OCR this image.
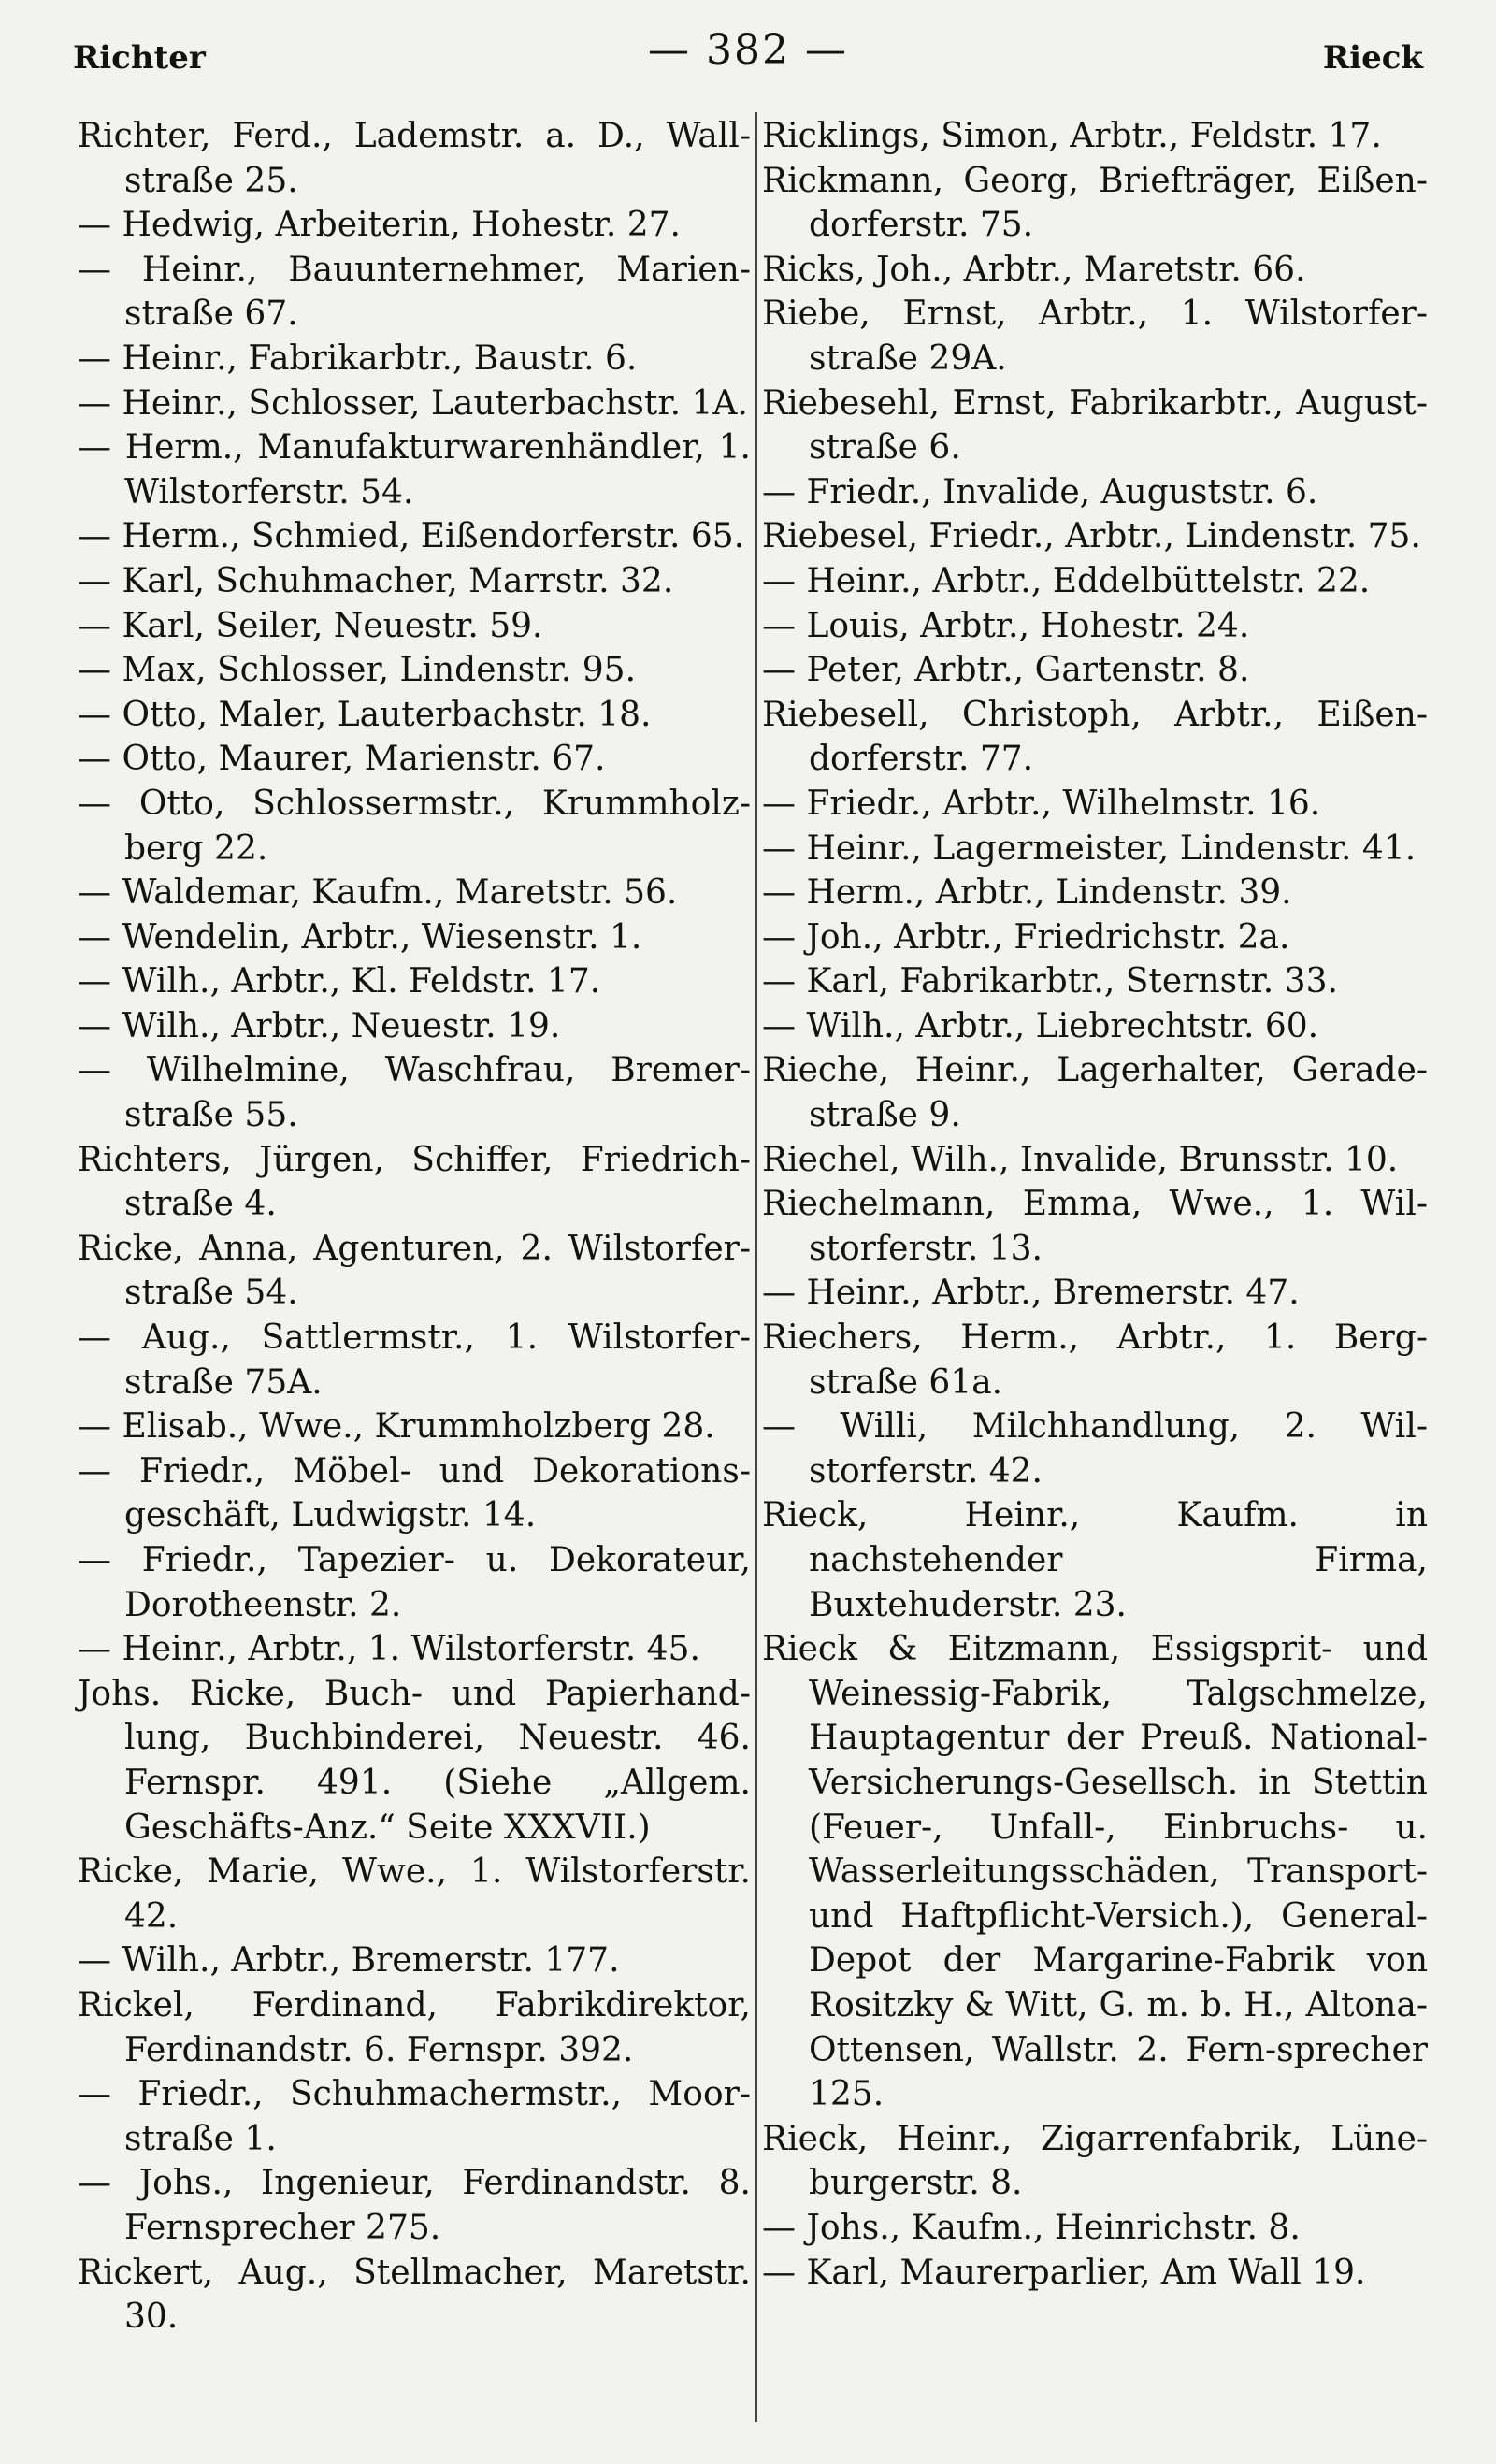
Richter	— 382 —	Rieck

Richter, Ferd., Lademstr. a. D., Wall-straße 25.

— Hedwig, Arbeiterin, Hohestr. 27.

— Heinr., Bauunternehmer, Marien-straße 67.

— Heinr., Fabrikarbtr., Baustr. 6.

— Heinr., Schlosser, Lauterbachstr. 1A.

— Herm., Manufakturwarenhändler, 1. Wilstorferstr. 54.

— Herm., Schmied, Eißendorferstr. 65.

— Karl, Schuhmacher, Marrstr. 32.

— Karl, Seiler, Neuestr. 59.

— Max, Schlosser, Lindenstr. 95.

— Otto, Maler, Lauterbachstr. 18.

— Otto, Maurer, Marienstr. 67.

— Otto, Schlossermstr., Krummholz-berg 22.

— Waldemar, Kaufm., Maretstr. 56.

— Wendelin, Arbtr., Wiesenstr. 1.

— Wilh., Arbtr., Kl. Feldstr. 17.

— Wilh., Arbtr., Neuestr. 19.

— Wilhelmine, Waschfrau, Bremer-straße 55.

Richters, Jürgen, Schiffer, Friedrich-straße 4.

Ricke, Anna, Agenturen, 2. Wilstorfer-straße 54.

— Aug., Sattlermstr., 1. Wilstorfer-straße 75A.

— Elisab., Wwe., Krummholzberg 28.

— Friedr., Möbel- und Dekorations-geschäft, Ludwigstr. 14.

— Friedr., Tapezier- u. Dekorateur, Dorotheenstr. 2.

— Heinr., Arbtr., 1. Wilstorferstr. 45.

Johs. Ricke, Buch- und Papierhand-lung, Buchbinderei, Neuestr. 46. Fernspr. 491. (Siehe „Allgem. Geschäfts-Anz.“ Seite XXXVII.)

Ricke, Marie, Wwe., 1. Wilstorferstr. 42.

— Wilh., Arbtr., Bremerstr. 177.

Rickel, Ferdinand, Fabrikdirektor, Ferdinandstr. 6. Fernspr. 392.

— Friedr., Schuhmachermstr., Moor-straße 1.

— Johs., Ingenieur, Ferdinandstr. 8. Fernsprecher 275.

Rickert, Aug., Stellmacher, Maretstr. 30.

Ricklings, Simon, Arbtr., Feldstr. 17.

Rickmann, Georg, Briefträger, Eißen-dorferstr. 75.

Ricks, Joh., Arbtr., Maretstr. 66.

Riebe, Ernst, Arbtr., 1. Wilstorfer-straße 29A.

Riebesehl, Ernst, Fabrikarbtr., August-straße 6.

— Friedr., Invalide, Auguststr. 6.

Riebesel, Friedr., Arbtr., Lindenstr. 75.

— Heinr., Arbtr., Eddelbüttelstr. 22.

— Louis, Arbtr., Hohestr. 24.

— Peter, Arbtr., Gartenstr. 8.

Riebesell, Christoph, Arbtr., Eißen-dorferstr. 77.

— Friedr., Arbtr., Wilhelmstr. 16.

— Heinr., Lagermeister, Lindenstr. 41.

— Herm., Arbtr., Lindenstr. 39.

— Joh., Arbtr., Friedrichstr. 2a.

— Karl, Fabrikarbtr., Sternstr. 33.

— Wilh., Arbtr., Liebrechtstr. 60.

Rieche, Heinr., Lagerhalter, Gerade-straße 9.

Riechel, Wilh., Invalide, Brunsstr. 10.

Riechelmann, Emma, Wwe., 1. Wil-storferstr. 13.

— Heinr., Arbtr., Bremerstr. 47.

Riechers, Herm., Arbtr., 1. Berg-straße 61a.

— Willi, Milchhandlung, 2. Wil-storferstr. 42.

Rieck, Heinr., Kaufm. in nachstehender Firma, Buxtehuderstr. 23.

Rieck & Eitzmann, Essigsprit- und Weinessig-Fabrik, Talgschmelze, Hauptagentur der Preuß. National-Versicherungs-Gesellsch. in Stettin (Feuer-, Unfall-, Einbruchs- u. Wasserleitungsschäden, Transport- und Haftpflicht-Versich.), General-Depot der Margarine-Fabrik von Rositzky & Witt, G. m. b. H., Altona-Ottensen, Wallstr. 2. Fern-sprecher 125.

Rieck, Heinr., Zigarrenfabrik, Lüne-burgerstr. 8.

— Johs., Kaufm., Heinrichstr. 8.

— Karl, Maurerparlier, Am Wall 19.
